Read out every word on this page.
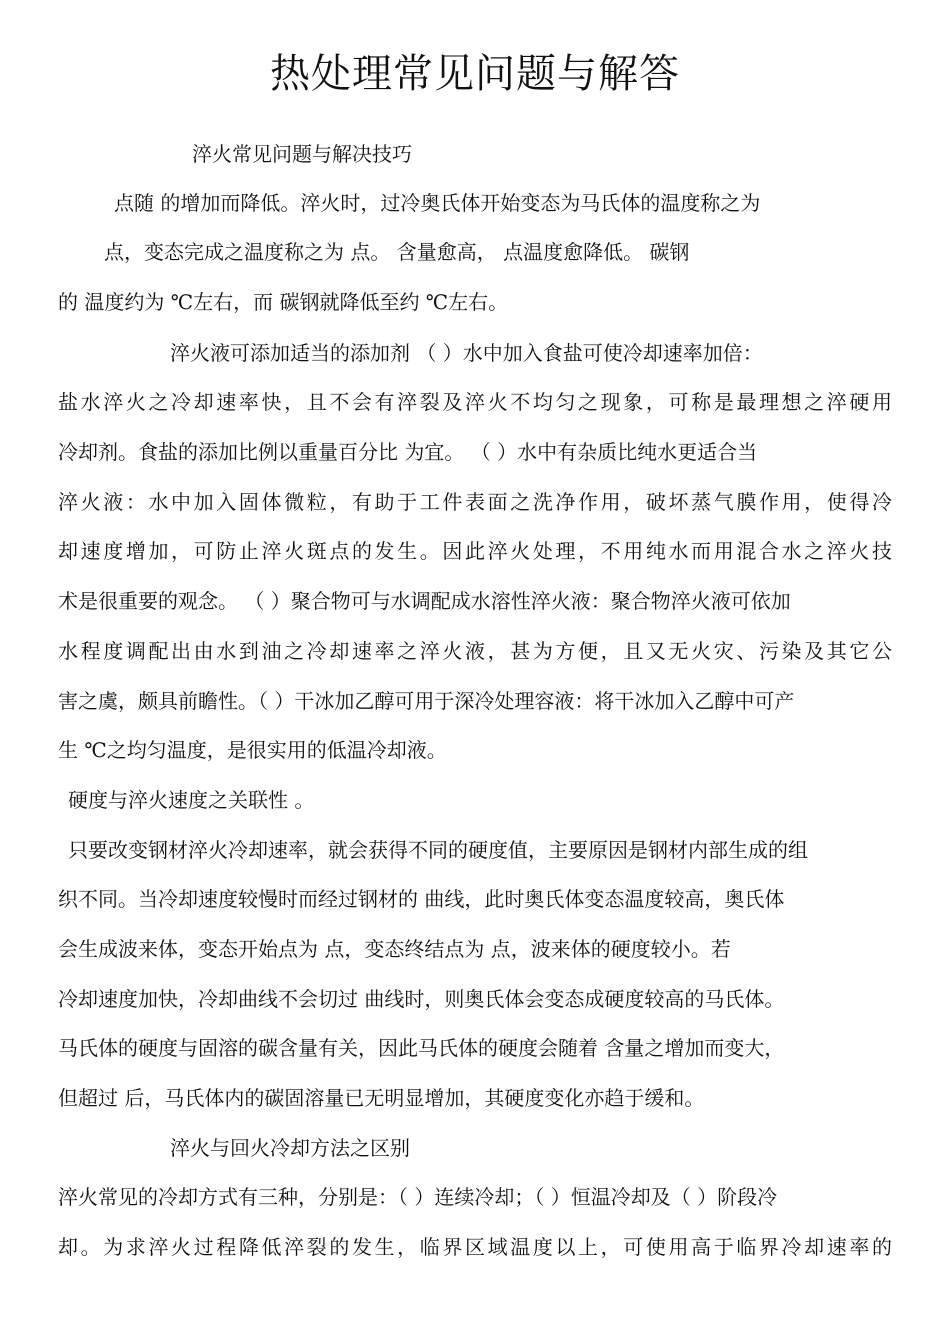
热处理常见问题与解答
淬火常见问题与解决技巧
点随 的增加而降低。淬火时，过冷奥氏体开始变态为马氏体的温度称之为
点，变态完成之温度称之为 点。 含量愈高， 点温度愈降低。 碳钢
的 温度约为 ℃左右，而 碳钢就降低至约 ℃左右。
淬火液可添加适当的添加剂 （ ）水中加入食盐可使冷却速率加倍：
盐水淬火之冷却速率快，且不会有淬裂及淬火不均匀之现象，可称是最理想之淬硬用
冷却剂。食盐的添加比例以重量百分比 为宜。 （ ）水中有杂质比纯水更适合当
淬火液：水中加入固体微粒，有助于工件表面之洗净作用，破坏蒸气膜作用，使得冷
却速度增加，可防止淬火斑点的发生。因此淬火处理，不用纯水而用混合水之淬火技
术是很重要的观念。 （ ）聚合物可与水调配成水溶性淬火液：聚合物淬火液可依加
水程度调配出由水到油之冷却速率之淬火液，甚为方便，且又无火灾、污染及其它公
害之虞，颇具前瞻性。（ ）干冰加乙醇可用于深冷处理容液：将干冰加入乙醇中可产
生 ℃之均匀温度，是很实用的低温冷却液。
硬度与淬火速度之关联性 。
只要改变钢材淬火冷却速率，就会获得不同的硬度值，主要原因是钢材内部生成的组
织不同。当冷却速度较慢时而经过钢材的 曲线，此时奥氏体变态温度较高，奥氏体
会生成波来体，变态开始点为 点，变态终结点为 点，波来体的硬度较小。若
冷却速度加快，冷却曲线不会切过 曲线时，则奥氏体会变态成硬度较高的马氏体。
马氏体的硬度与固溶的碳含量有关，因此马氏体的硬度会随着 含量之增加而变大，
但超过 后，马氏体内的碳固溶量已无明显增加，其硬度变化亦趋于缓和。
淬火与回火冷却方法之区别
淬火常见的冷却方式有三种，分别是：（ ）连续冷却；（ ）恒温冷却及（ ）阶段冷
却。为求淬火过程降低淬裂的发生，临界区域温度以上，可使用高于临界冷却速率的
